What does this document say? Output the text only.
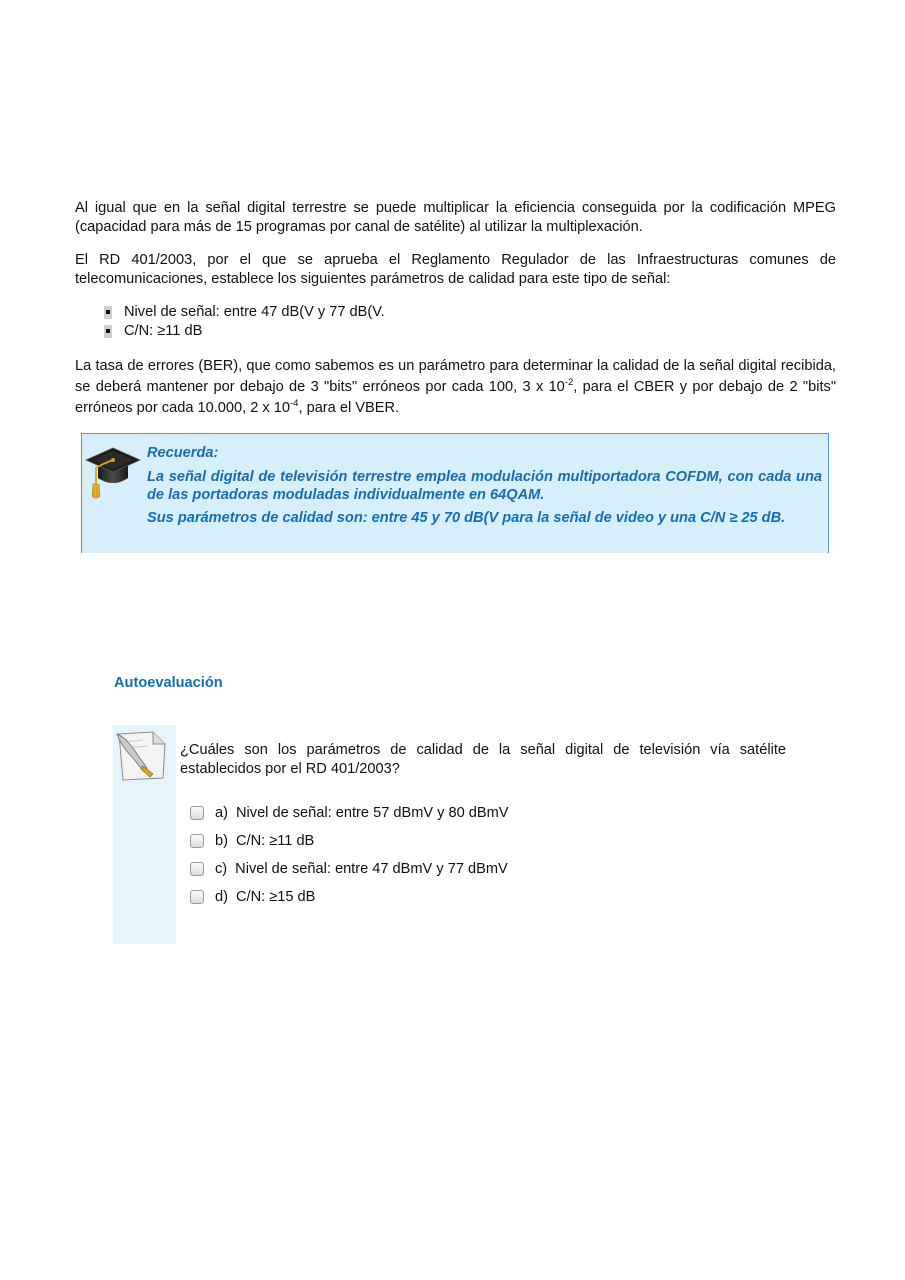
Al igual que en la señal digital terrestre se puede multiplicar la eficiencia conseguida por la codificación MPEG (capacidad para más de 15 programas por canal de satélite) al utilizar la multiplexación.

El RD 401/2003, por el que se aprueba el Reglamento Regulador de las Infraestructuras comunes de telecomunicaciones, establece los siguientes parámetros de calidad para este tipo de señal:

Nivel de señal: entre 47 dB(V y 77 dB(V.
C/N: ≥11 dB

La tasa de errores (BER), que como sabemos es un parámetro para determinar la calidad de la señal digital recibida, se deberá mantener por debajo de 3 "bits" erróneos por cada 100, 3 x $10^{-2}$, para el CBER y por debajo de 2 "bits" erróneos por cada 10.000, 2 x $10^{-4}$, para el VBER.

Recuerda:

La señal digital de televisión terrestre emplea modulación multiportadora COFDM, con cada una de las portadoras moduladas individualmente en 64QAM.

Sus parámetros de calidad son: entre 45 y 70 dB(V para la señal de video y una C/N ≥ 25 dB.

Autoevaluación

¿Cuáles son los parámetros de calidad de la señal digital de televisión vía satélite establecidos por el RD 401/2003?

a) Nivel de señal: entre 57 dBmV y 80 dBmV
b) C/N: ≥11 dB
c) Nivel de señal: entre 47 dBmV y 77 dBmV
d) C/N: ≥15 dB
